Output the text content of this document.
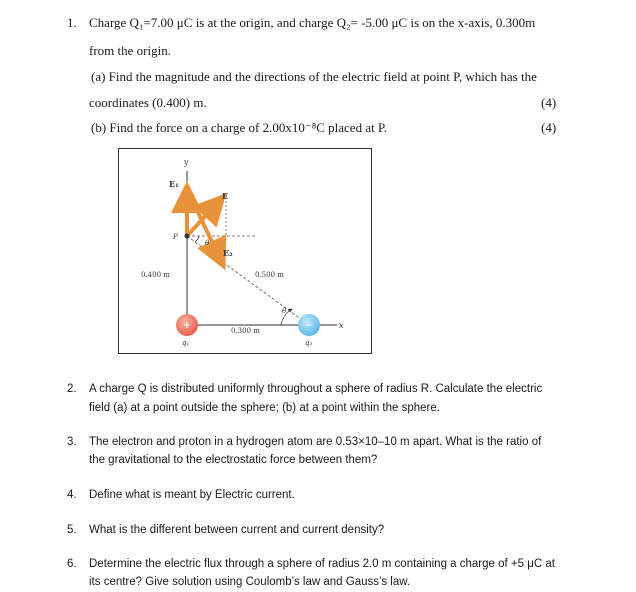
1. Charge Q₁=7.00 μC is at the origin, and charge Q₂= -5.00 μC is on the x-axis, 0.300m
from the origin.
(a) Find the magnitude and the directions of the electric field at point P, which has the
coordinates (0.400) m.	(4)
(b) Find the force on a charge of 2.00x10⁻⁸C placed at P.	(4)
y
x
P
E₁
E
E₂
θ
0.400 m	0.500 m
0.300 m
θ
+	−
q₁	q₂
2. A charge Q is distributed uniformly throughout a sphere of radius R. Calculate the electric
field (a) at a point outside the sphere; (b) at a point within the sphere.
3. The electron and proton in a hydrogen atom are 0.53×10–10 m apart. What is the ratio of
the gravitational to the electrostatic force between them?
4. Define what is meant by Electric current.
5. What is the different between current and current density?
6. Determine the electric flux through a sphere of radius 2.0 m containing a charge of +5 μC at
its centre? Give solution using Coulomb’s law and Gauss’s law.
